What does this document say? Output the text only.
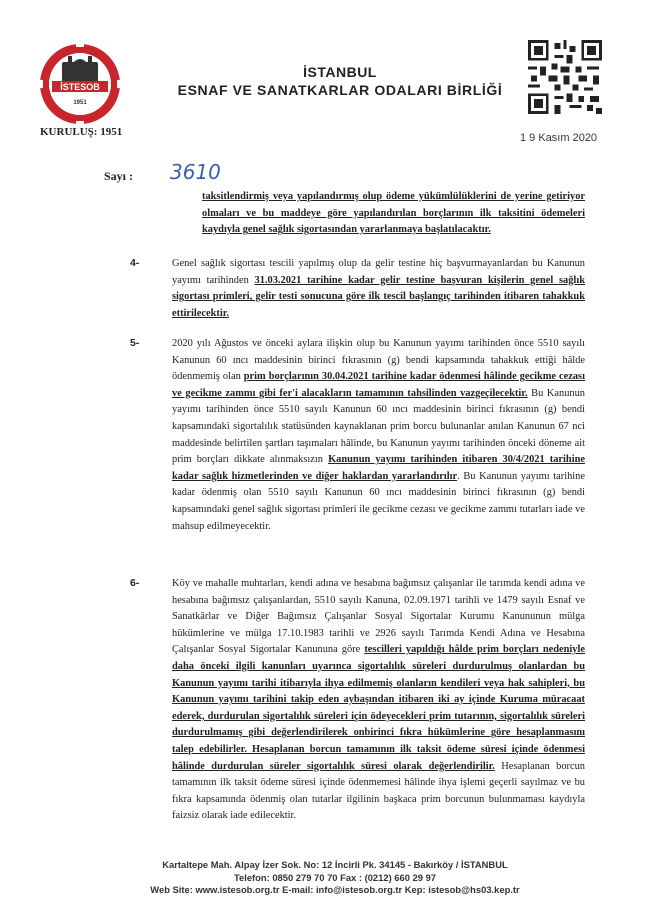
İSTESOB
1951
KURULUŞ: 1951
İSTANBUL
ESNAF VE SANATKARLAR ODALARI BİRLİĞİ
1 9 Kasım 2020
Sayı : 3610
taksitlendirmiş veya yapılandırmış olup ödeme yükümlülüklerini de yerine getiriyor olmaları ve bu maddeye göre yapılandırılan borçlarının ilk taksitini ödemeleri kaydıyla genel sağlık sigortasından yararlanmaya başlatılacaktır.
4-	Genel sağlık sigortası tescili yapılmış olup da gelir testine hiç başvurmayanlardan bu Kanunun yayımı tarihinden 31.03.2021 tarihine kadar gelir testine başvuran kişilerin genel sağlık sigortası primleri, gelir testi sonucuna göre ilk tescil başlangıç tarihinden itibaren tahakkuk ettirilecektir.
5-	2020 yılı Ağustos ve önceki aylara ilişkin olup bu Kanunun yayımı tarihinden önce 5510 sayılı Kanunun 60 ıncı maddesinin birinci fıkrasının (g) bendi kapsamında tahakkuk ettiği hâlde ödenmemiş olan prim borçlarının 30.04.2021 tarihine kadar ödenmesi hâlinde gecikme cezası ve gecikme zammı gibi fer'i alacakların tamamının tahsilinden vazgeçilecektir. Bu Kanunun yayımı tarihinden önce 5510 sayılı Kanunun 60 ıncı maddesinin birinci fıkrasının (g) bendi kapsamındaki sigortalılık statüsünden kaynaklanan prim borcu bulunanlar anılan Kanunun 67 nci maddesinde belirtilen şartları taşımaları hâlinde, bu Kanunun yayımı tarihinden önceki döneme ait prim borçları dikkate alınmaksızın Kanunun yayımı tarihinden itibaren 30/4/2021 tarihine kadar sağlık hizmetlerinden ve diğer haklardan yararlandırılır. Bu Kanunun yayımı tarihine kadar ödenmiş olan 5510 sayılı Kanunun 60 ıncı maddesinin birinci fıkrasının (g) bendi kapsamındaki genel sağlık sigortası primleri ile gecikme cezası ve gecikme zammı tutarları iade ve mahsup edilmeyecektir.
6-	Köy ve mahalle muhtarları, kendi adına ve hesabına bağımsız çalışanlar ile tarımda kendi adına ve hesabına bağımsız çalışanlardan, 5510 sayılı Kanuna, 02.09.1971 tarihli ve 1479 sayılı Esnaf ve Sanatkârlar ve Diğer Bağımsız Çalışanlar Sosyal Sigortalar Kurumu Kanununun mülga hükümlerine ve mülga 17.10.1983 tarihli ve 2926 sayılı Tarımda Kendi Adına ve Hesabına Çalışanlar Sosyal Sigortalar Kanununa göre tescilleri yapıldığı hâlde prim borçları nedeniyle daha önceki ilgili kanunları uyarınca sigortalılık süreleri durdurulmuş olanlardan bu Kanunun yayımı tarihi itibarıyla ihya edilmemiş olanların kendileri veya hak sahipleri, bu Kanunun yayımı tarihini takip eden aybaşından itibaren iki ay içinde Kuruma müracaat ederek, durdurulan sigortalılık süreleri için ödeyecekleri prim tutarının, sigortalılık süreleri durdurulmamış gibi değerlendirilerek onbirinci fıkra hükümlerine göre hesaplanmasını talep edebilirler. Hesaplanan borcun tamamının ilk taksit ödeme süresi içinde ödenmesi hâlinde durdurulan süreler sigortalılık süresi olarak değerlendirilir. Hesaplanan borcun tamamının ilk taksit ödeme süresi içinde ödenmemesi hâlinde ihya işlemi geçerli sayılmaz ve bu fıkra kapsamında ödenmiş olan tutarlar ilgilinin başkaca prim borcunun bulunmaması kaydıyla faizsiz olarak iade edilecektir.
Kartaltepe Mah. Alpay İzer Sok. No: 12 İncirli Pk. 34145 - Bakırköy / İSTANBUL
Telefon: 0850 279 70 70 Fax : (0212) 660 29 97
Web Site: www.istesob.org.tr E-mail: info@istesob.org.tr Kep: istesob@hs03.kep.tr
